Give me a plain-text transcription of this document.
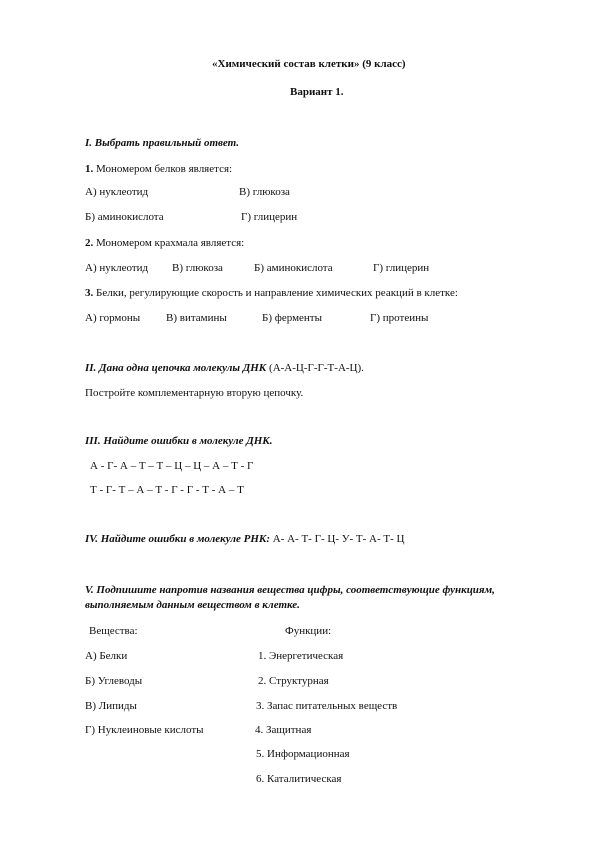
«Химический состав клетки» (9 класс)
Вариант 1.
I. Выбрать правильный ответ.
1. Мономером белков является:
А) нуклеотид	В) глюкоза
Б) аминокислота	Г) глицерин
2. Мономером крахмала является:
А) нуклеотид В) глюкоза	Б) аминокислота	Г) глицерин
3. Белки, регулирующие скорость и направление химических реакций в клетке:
А) гормоны В) витамины	Б) ферменты	Г) протеины
II. Дана одна цепочка молекулы ДНК (А-А-Ц-Г-Г-Т-А-Ц).
Постройте комплементарную вторую цепочку.
III. Найдите ошибки в молекуле ДНК.
А - Г- А – Т – Т – Ц – Ц – А – Т - Г
Т - Г- Т – А – Т - Г - Г - Т - А – Т
IV. Найдите ошибки в молекуле РНК: А- А- Т- Г- Ц- У- Т- А- Т- Ц
V. Подпишите напротив названия вещества цифры, соответствующие функциям,
выполняемым данным веществом в клетке.
Вещества:	Функции:
А) Белки
Б) Углеводы
В) Липиды
Г) Нуклеиновые кислоты
1. Энергетическая
2. Структурная
3. Запас питательных веществ
4. Защитная
5. Информационная
6. Каталитическая
